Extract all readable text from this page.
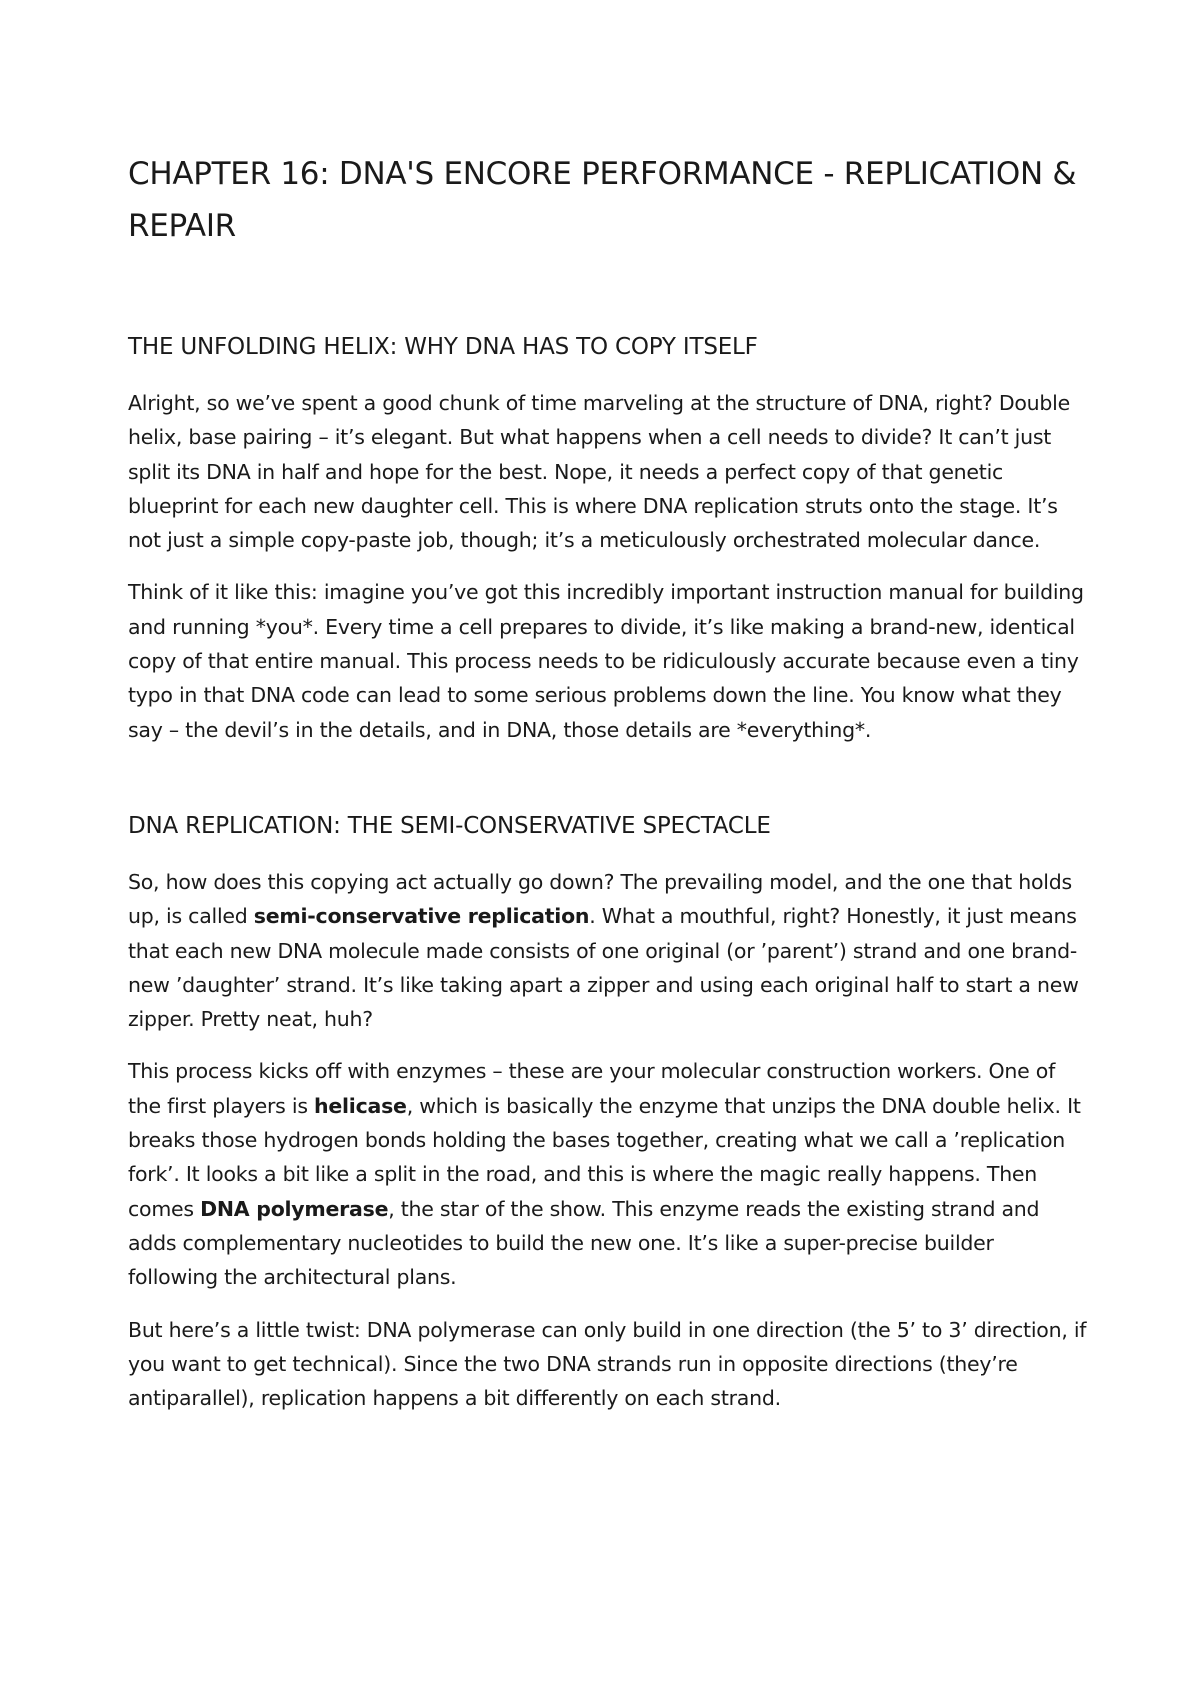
CHAPTER 16: DNA'S ENCORE PERFORMANCE - REPLICATION & REPAIR
THE UNFOLDING HELIX: WHY DNA HAS TO COPY ITSELF

Alright, so we’ve spent a good chunk of time marveling at the structure of DNA, right? Double helix, base pairing – it’s elegant. But what happens when a cell needs to divide? It can’t just split its DNA in half and hope for the best. Nope, it needs a perfect copy of that genetic blueprint for each new daughter cell. This is where DNA replication struts onto the stage. It’s not just a simple copy-paste job, though; it’s a meticulously orchestrated molecular dance.

Think of it like this: imagine you’ve got this incredibly important instruction manual for building and running *you*. Every time a cell prepares to divide, it’s like making a brand-new, identical copy of that entire manual. This process needs to be ridiculously accurate because even a tiny typo in that DNA code can lead to some serious problems down the line. You know what they say – the devil’s in the details, and in DNA, those details are *everything*.

DNA REPLICATION: THE SEMI-CONSERVATIVE SPECTACLE

So, how does this copying act actually go down? The prevailing model, and the one that holds up, is called semi-conservative replication. What a mouthful, right? Honestly, it just means that each new DNA molecule made consists of one original (or ’parent’) strand and one brand-new ’daughter’ strand. It’s like taking apart a zipper and using each original half to start a new zipper. Pretty neat, huh?

This process kicks off with enzymes – these are your molecular construction workers. One of the first players is helicase, which is basically the enzyme that unzips the DNA double helix. It breaks those hydrogen bonds holding the bases together, creating what we call a ’replication fork’. It looks a bit like a split in the road, and this is where the magic really happens. Then comes DNA polymerase, the star of the show. This enzyme reads the existing strand and adds complementary nucleotides to build the new one. It’s like a super-precise builder following the architectural plans.

But here’s a little twist: DNA polymerase can only build in one direction (the 5’ to 3’ direction, if you want to get technical). Since the two DNA strands run in opposite directions (they’re antiparallel), replication happens a bit differently on each strand.
